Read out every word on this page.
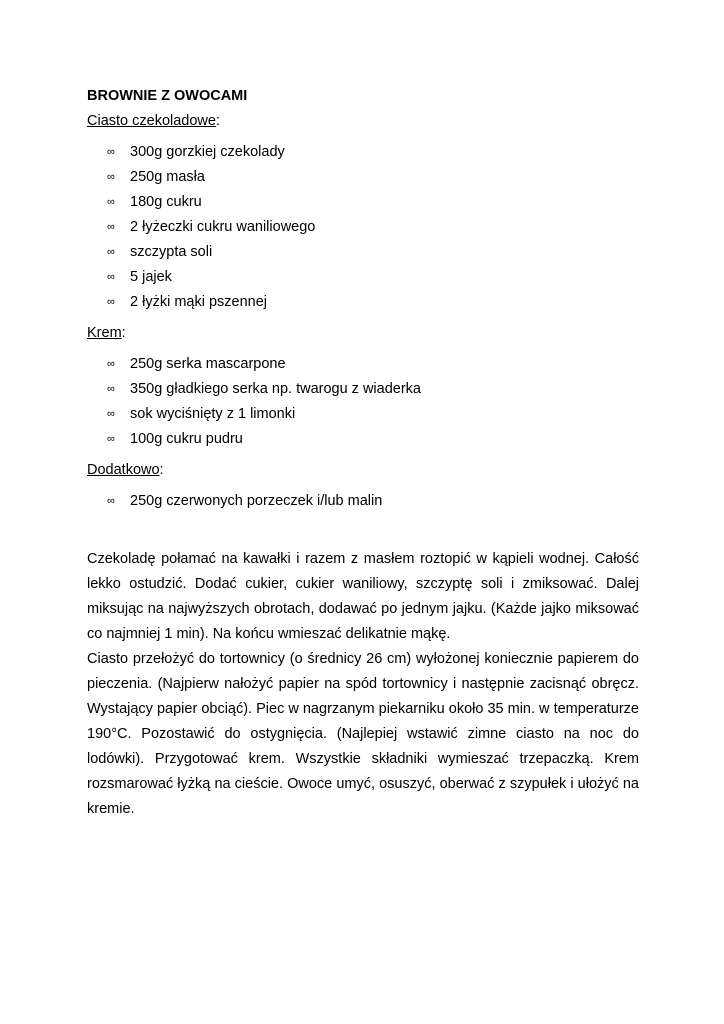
BROWNIE Z OWOCAMI
Ciasto czekoladowe:
∞ 300g gorzkiej czekolady
∞ 250g masła
∞ 180g cukru
∞ 2 łyżeczki cukru waniliowego
∞ szczypta soli
∞ 5 jajek
∞ 2 łyżki mąki pszennej
Krem:
∞ 250g serka mascarpone
∞ 350g gładkiego serka np. twarogu z wiaderka
∞ sok wyciśnięty z 1 limonki
∞ 100g cukru pudru
Dodatkowo:
∞ 250g czerwonych porzeczek i/lub malin

Czekoladę połamać na kawałki i razem z masłem roztopić w kąpieli wodnej. Całość lekko ostudzić. Dodać cukier, cukier waniliowy, szczyptę soli i zmiksować. Dalej miksując na najwyższych obrotach, dodawać po jednym jajku. (Każde jajko miksować co najmniej 1 min). Na końcu wmieszać delikatnie mąkę.

Ciasto przełożyć do tortownicy (o średnicy 26 cm) wyłożonej koniecznie papierem do pieczenia. (Najpierw nałożyć papier na spód tortownicy i następnie zacisnąć obręcz. Wystający papier obciąć). Piec w nagrzanym piekarniku około 35 min. w temperaturze 190°C. Pozostawić do ostygnięcia. (Najlepiej wstawić zimne ciasto na noc do lodówki). Przygotować krem. Wszystkie składniki wymieszać trzepaczką. Krem rozsmarować łyżką na cieście. Owoce umyć, osuszyć, oberwać z szypułek i ułożyć na kremie.
